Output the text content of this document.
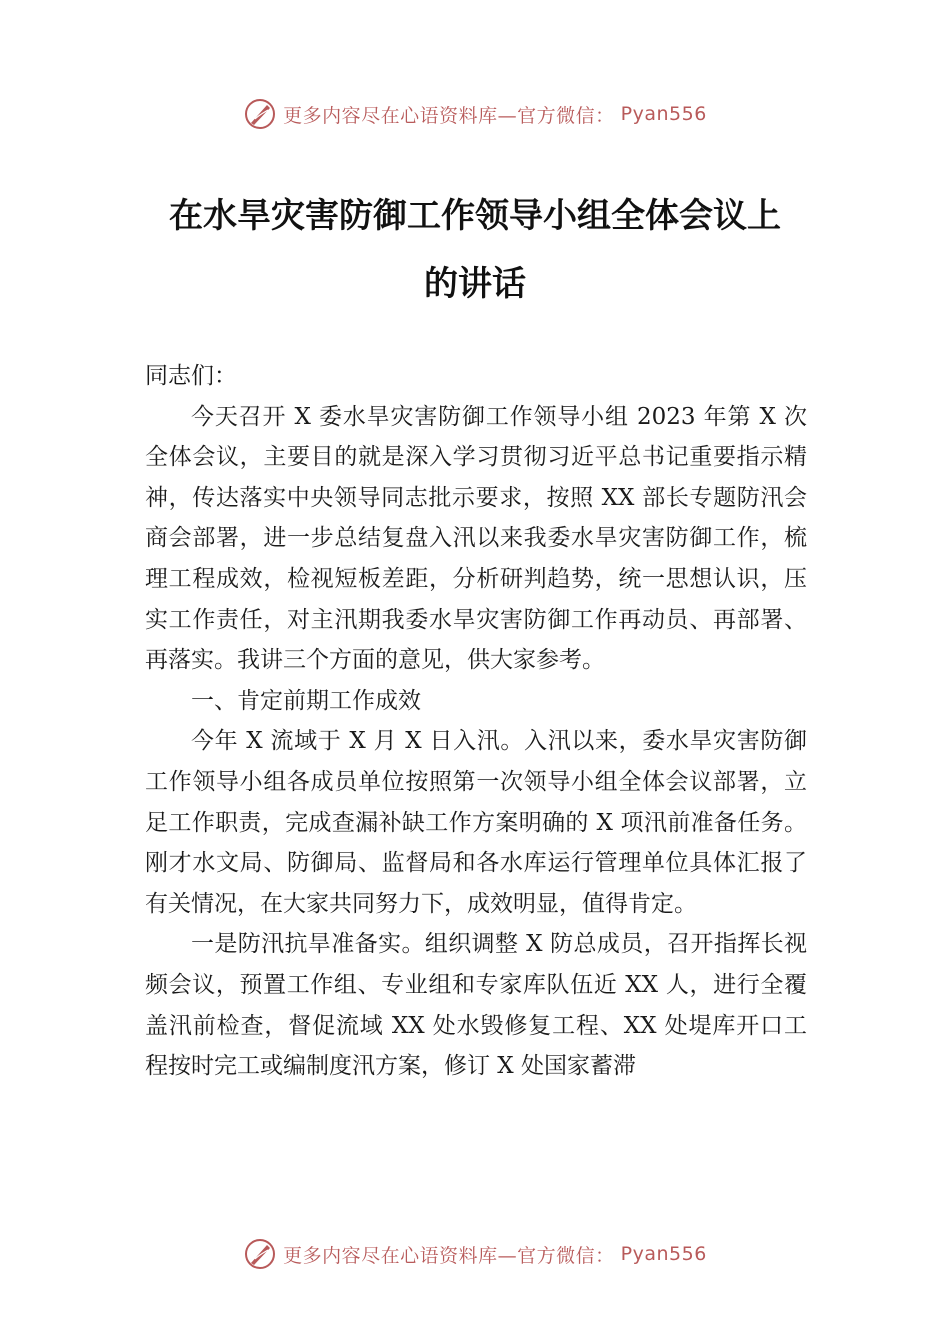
更多内容尽在心语资料库—官方微信： Pyan556
在水旱灾害防御工作领导小组全体会议上
的讲话

同志们：

今天召开 X 委水旱灾害防御工作领导小组 2023 年第 X 次全体会议，主要目的就是深入学习贯彻习近平总书记重要指示精神，传达落实中央领导同志批示要求，按照 XX 部长专题防汛会商会部署，进一步总结复盘入汛以来我委水旱灾害防御工作，梳理工程成效，检视短板差距，分析研判趋势，统一思想认识，压实工作责任，对主汛期我委水旱灾害防御工作再动员、再部署、再落实。我讲三个方面的意见，供大家参考。

一、肯定前期工作成效

今年 X 流域于 X 月 X 日入汛。入汛以来，委水旱灾害防御工作领导小组各成员单位按照第一次领导小组全体会议部署，立足工作职责，完成查漏补缺工作方案明确的 X 项汛前准备任务。刚才水文局、防御局、监督局和各水库运行管理单位具体汇报了有关情况，在大家共同努力下，成效明显，值得肯定。

一是防汛抗旱准备实。组织调整 X 防总成员，召开指挥长视频会议，预置工作组、专业组和专家库队伍近 XX 人，进行全覆盖汛前检查，督促流域 XX 处水毁修复工程、XX 处堤库开口工程按时完工或编制度汛方案，修订 X 处国家蓄滞

更多内容尽在心语资料库—官方微信： Pyan556
